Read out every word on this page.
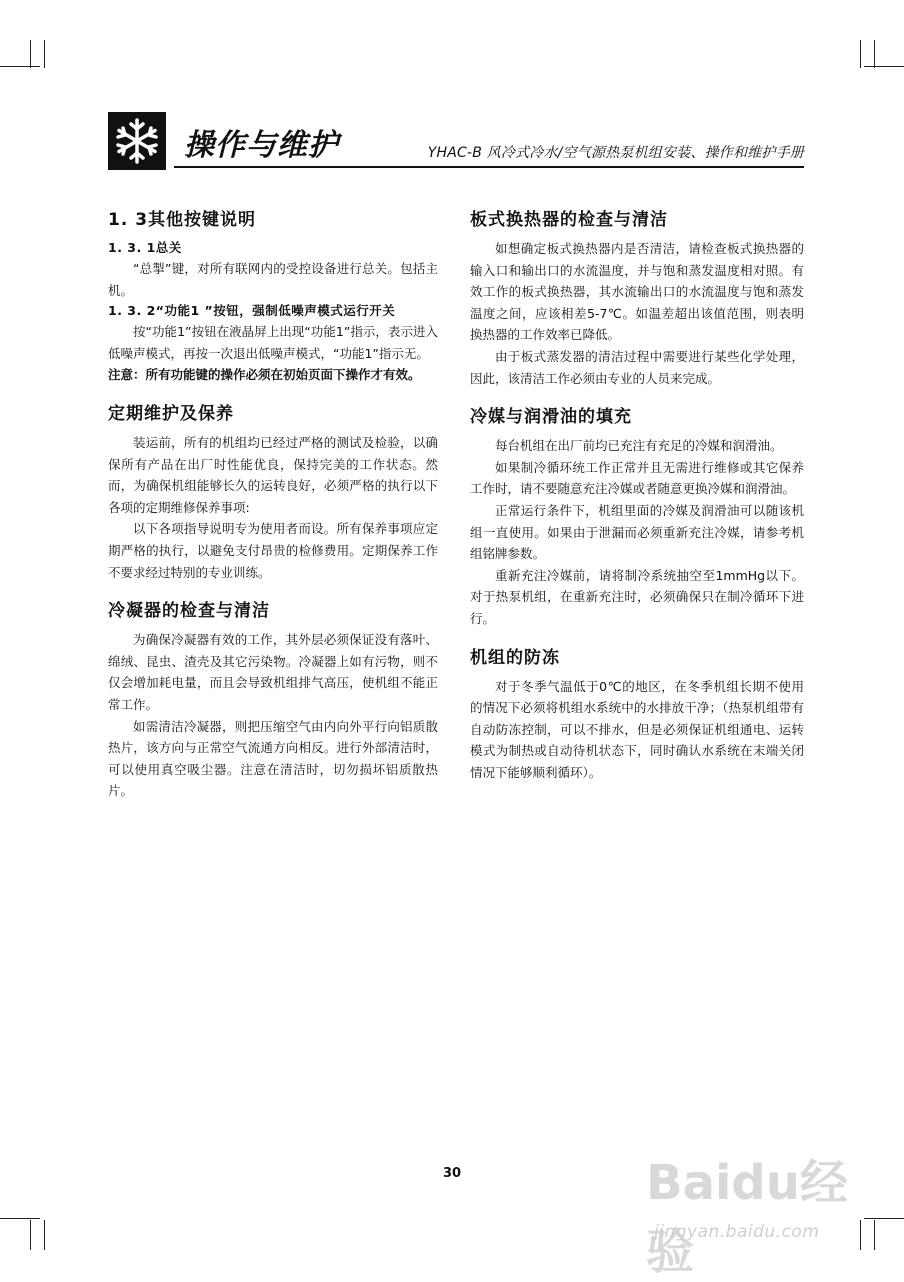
操作与维护	YHAC-B 风冷式冷水/空气源热泵机组安装、操作和维护手册
1. 3其他按键说明
1. 3. 1总关

“总掣”键，对所有联网内的受控设备进行总关。包括主机。

1. 3. 2“功能1 ”按钮，强制低噪声模式运行开关

按“功能1”按钮在液晶屏上出现“功能1”指示，表示进入低噪声模式，再按一次退出低噪声模式，“功能1”指示无。

注意：所有功能键的操作必须在初始页面下操作才有效。

定期维护及保养

装运前，所有的机组均已经过严格的测试及检验，以确保所有产品在出厂时性能优良，保持完美的工作状态。然而，为确保机组能够长久的运转良好，必须严格的执行以下各项的定期维修保养事项:

以下各项指导说明专为使用者而设。所有保养事项应定期严格的执行，以避免支付昂贵的检修费用。定期保养工作不要求经过特别的专业训练。

冷凝器的检查与清洁

为确保冷凝器有效的工作，其外层必须保证没有落叶、绵绒、昆虫、渣壳及其它污染物。冷凝器上如有污物，则不仅会增加耗电量，而且会导致机组排气高压，使机组不能正常工作。

如需清洁冷凝器，则把压缩空气由内向外平行向铝质散热片，该方向与正常空气流通方向相反。进行外部清洁时，可以使用真空吸尘器。注意在清洁时，切勿损坏铝质散热片。

板式换热器的检查与清洁

如想确定板式换热器内是否清洁，请检查板式换热器的输入口和输出口的水流温度，并与饱和蒸发温度相对照。有效工作的板式换热器，其水流输出口的水流温度与饱和蒸发温度之间，应该相差5-7℃。如温差超出该值范围，则表明换热器的工作效率已降低。

由于板式蒸发器的清洁过程中需要进行某些化学处理，因此，该清洁工作必须由专业的人员来完成。

冷媒与润滑油的填充

每台机组在出厂前均已充注有充足的冷媒和润滑油。

如果制冷循环统工作正常并且无需进行维修或其它保养工作时，请不要随意充注冷媒或者随意更换冷媒和润滑油。

正常运行条件下，机组里面的冷媒及润滑油可以随该机组一直使用。如果由于泄漏而必须重新充注冷媒，请参考机组铭牌参数。

重新充注冷媒前，请将制冷系统抽空至1mmHg以下。对于热泵机组，在重新充注时，必须确保只在制冷循环下进行。

机组的防冻

对于冬季气温低于0℃的地区，在冬季机组长期不使用的情况下必须将机组水系统中的水排放干净；（热泵机组带有自动防冻控制，可以不排水，但是必须保证机组通电、运转模式为制热或自动待机状态下，同时确认水系统在末端关闭情况下能够顺利循环）。

30	Baidu经验
jingyan.baidu.com
